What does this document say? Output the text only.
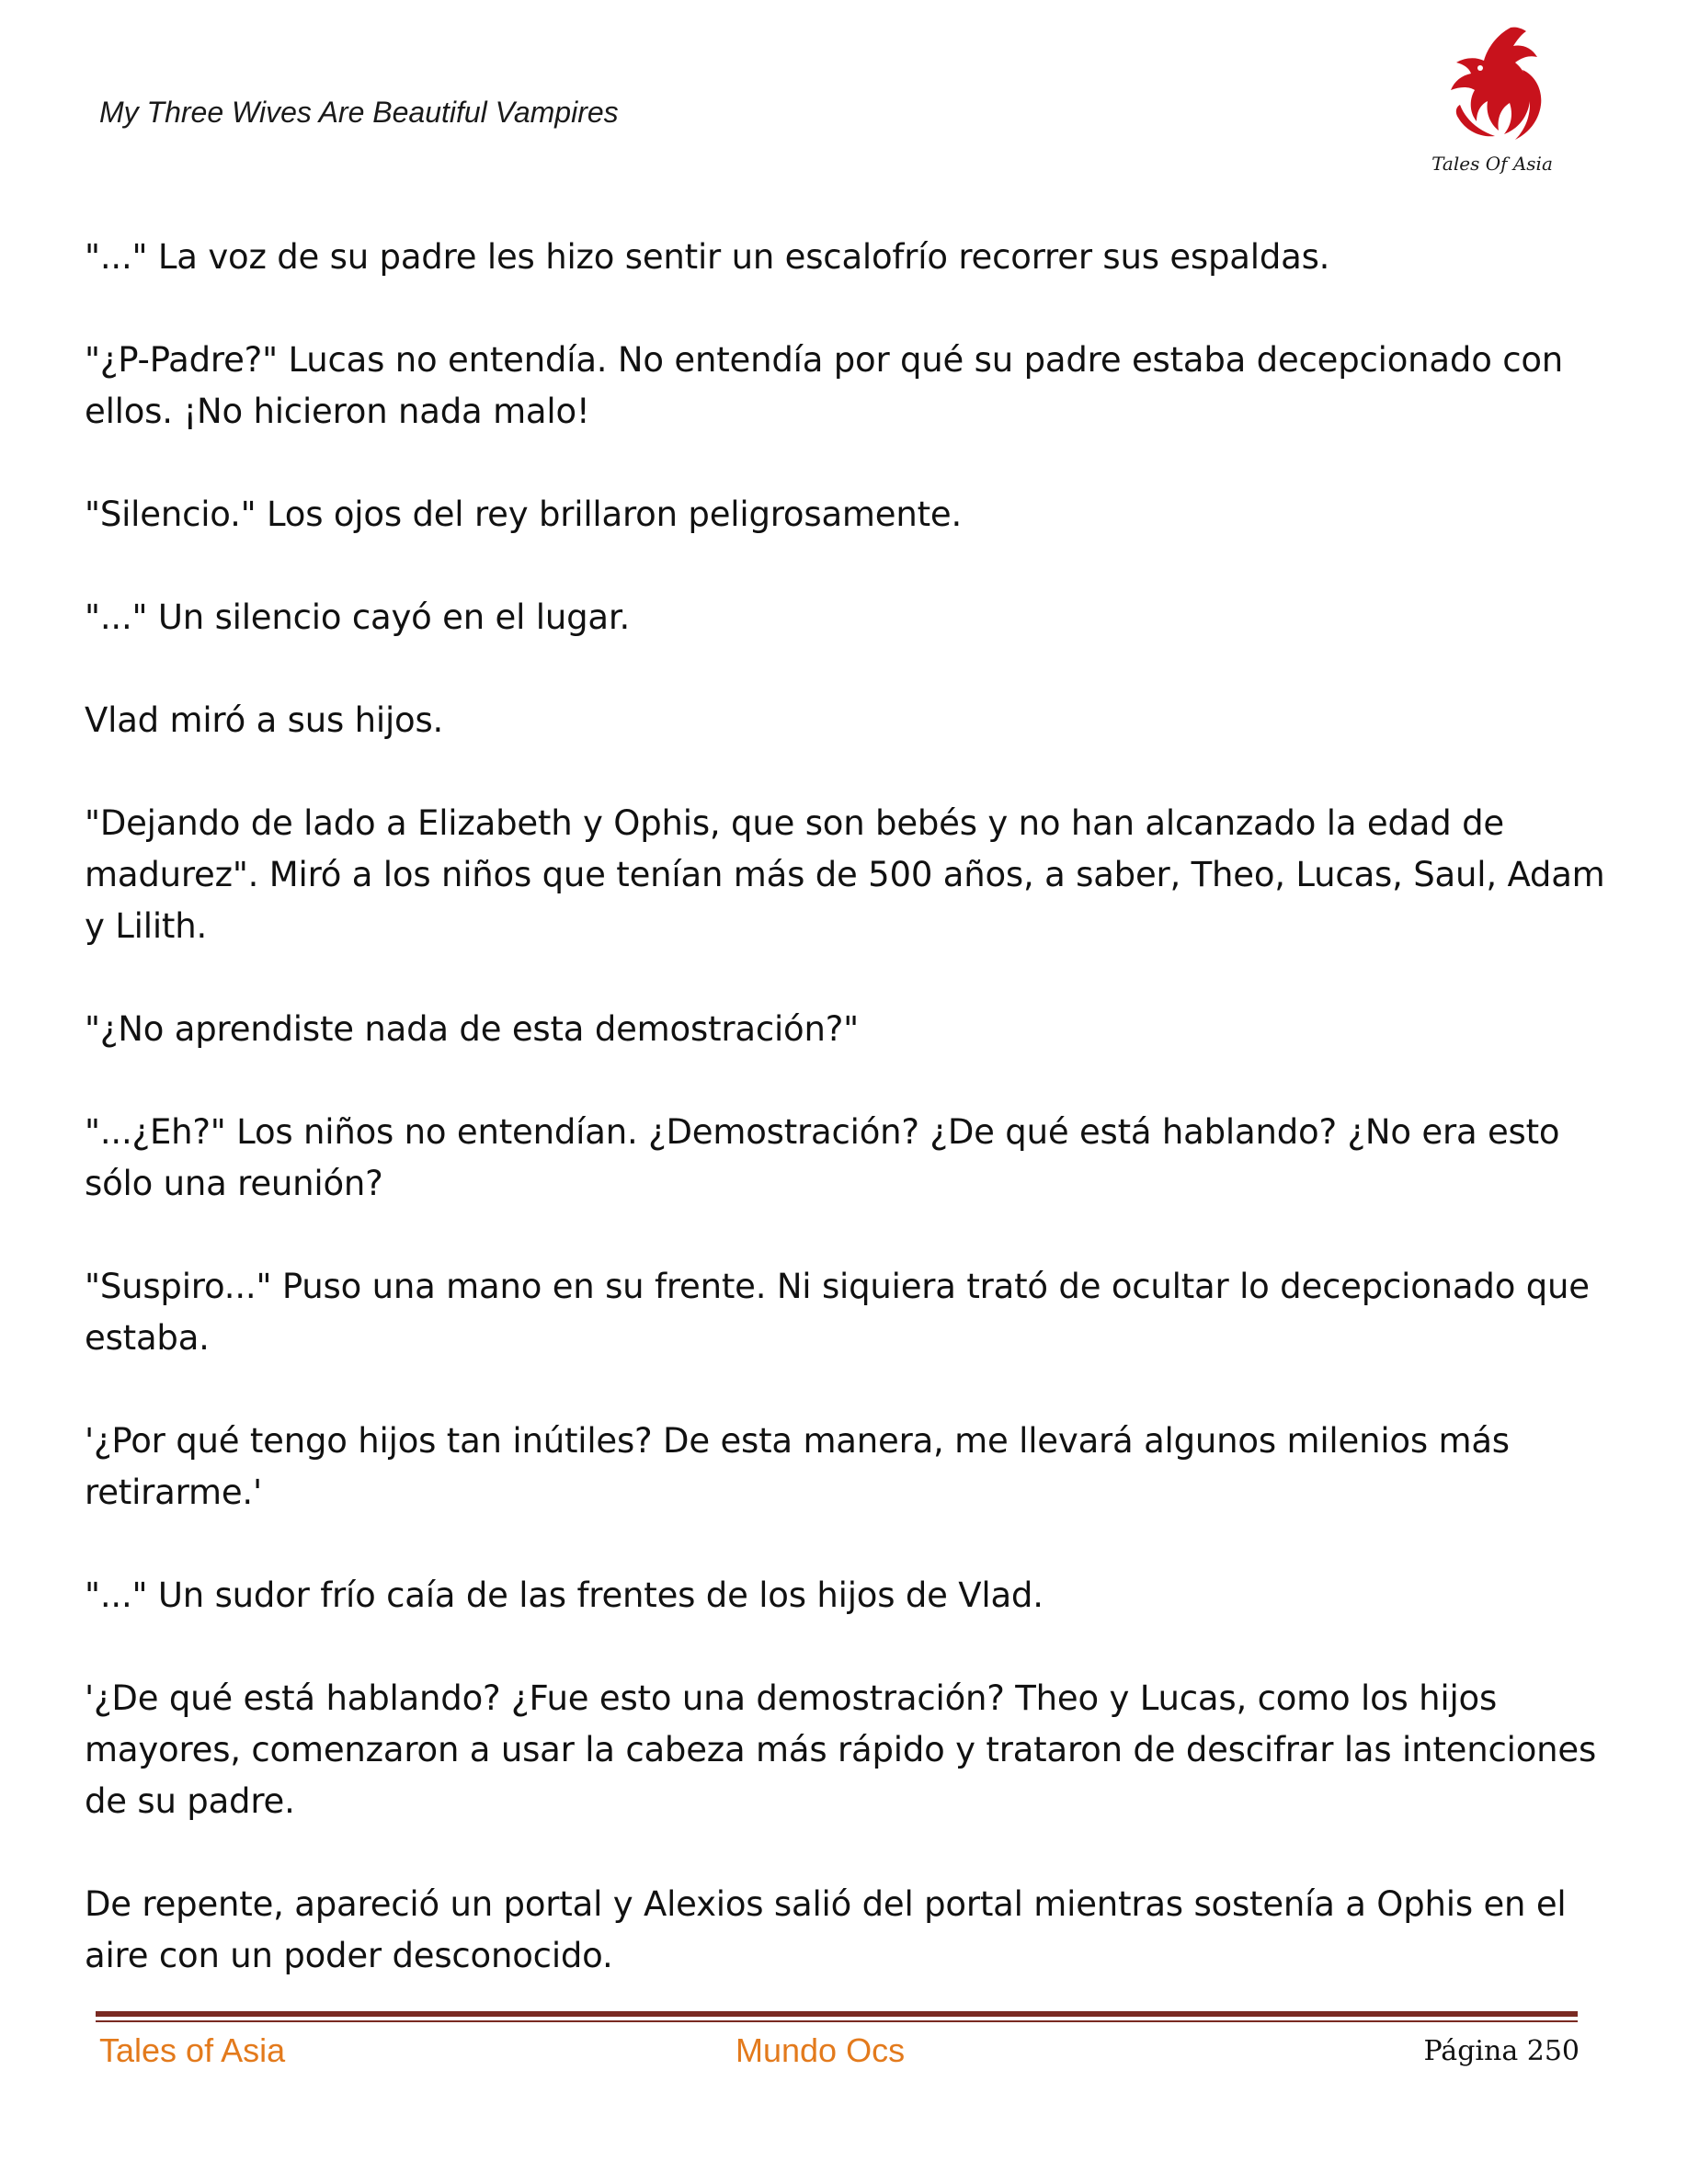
My Three Wives Are Beautiful Vampires
Tales Of Asia

"..." La voz de su padre les hizo sentir un escalofrío recorrer sus espaldas.

"¿P-Padre?" Lucas no entendía. No entendía por qué su padre estaba decepcionado con ellos. ¡No hicieron nada malo!

"Silencio." Los ojos del rey brillaron peligrosamente.

"..." Un silencio cayó en el lugar.

Vlad miró a sus hijos.

"Dejando de lado a Elizabeth y Ophis, que son bebés y no han alcanzado la edad de madurez". Miró a los niños que tenían más de 500 años, a saber, Theo, Lucas, Saul, Adam y Lilith.

"¿No aprendiste nada de esta demostración?"

"...¿Eh?" Los niños no entendían. ¿Demostración? ¿De qué está hablando? ¿No era esto sólo una reunión?

"Suspiro..." Puso una mano en su frente. Ni siquiera trató de ocultar lo decepcionado que estaba.

'¿Por qué tengo hijos tan inútiles? De esta manera, me llevará algunos milenios más retirarme.'

"..." Un sudor frío caía de las frentes de los hijos de Vlad.

'¿De qué está hablando? ¿Fue esto una demostración? Theo y Lucas, como los hijos mayores, comenzaron a usar la cabeza más rápido y trataron de descifrar las intenciones de su padre.

De repente, apareció un portal y Alexios salió del portal mientras sostenía a Ophis en el aire con un poder desconocido.

Tales of Asia	Mundo Ocs	Página 250
